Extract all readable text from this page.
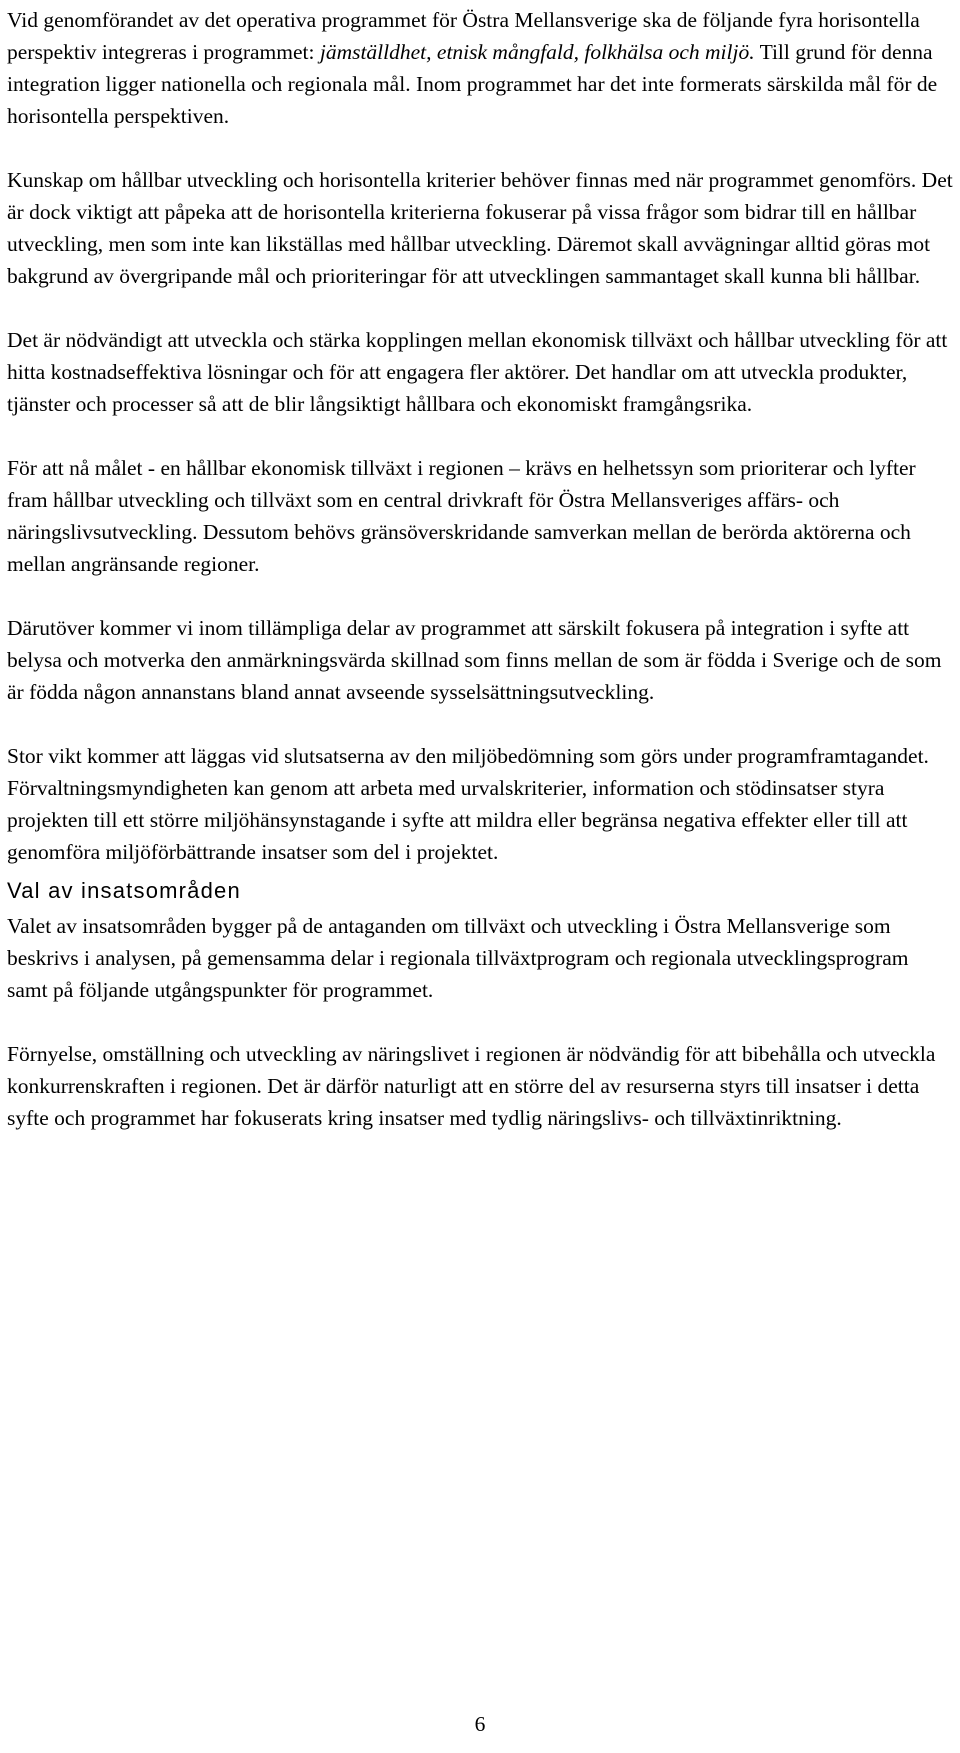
Vid genomförandet av det operativa programmet för Östra Mellansverige ska de följande fyra horisontella perspektiv integreras i programmet: jämställdhet, etnisk mångfald, folkhälsa och miljö. Till grund för denna integration ligger nationella och regionala mål. Inom programmet har det inte formerats särskilda mål för de horisontella perspektiven.

Kunskap om hållbar utveckling och horisontella kriterier behöver finnas med när programmet genomförs. Det är dock viktigt att påpeka att de horisontella kriterierna fokuserar på vissa frågor som bidrar till en hållbar utveckling, men som inte kan likställas med hållbar utveckling. Däremot skall avvägningar alltid göras mot bakgrund av övergripande mål och prioriteringar för att utvecklingen sammantaget skall kunna bli hållbar.

Det är nödvändigt att utveckla och stärka kopplingen mellan ekonomisk tillväxt och hållbar utveckling för att hitta kostnadseffektiva lösningar och för att engagera fler aktörer. Det handlar om att utveckla produkter, tjänster och processer så att de blir långsiktigt hållbara och ekonomiskt framgångsrika.

För att nå målet - en hållbar ekonomisk tillväxt i regionen – krävs en helhetssyn som prioriterar och lyfter fram hållbar utveckling och tillväxt som en central drivkraft för Östra Mellansveriges affärs- och näringslivsutveckling. Dessutom behövs gränsöverskridande samverkan mellan de berörda aktörerna och mellan angränsande regioner.

Därutöver kommer vi inom tillämpliga delar av programmet att särskilt fokusera på integration i syfte att belysa och motverka den anmärkningsvärda skillnad som finns mellan de som är födda i Sverige och de som är födda någon annanstans bland annat avseende sysselsättningsutveckling.

Stor vikt kommer att läggas vid slutsatserna av den miljöbedömning som görs under programframtagandet. Förvaltningsmyndigheten kan genom att arbeta med urvalskriterier, information och stödinsatser styra projekten till ett större miljöhänsynstagande i syfte att mildra eller begränsa negativa effekter eller till att genomföra miljöförbättrande insatser som del i projektet.

Val av insatsområden

Valet av insatsområden bygger på de antaganden om tillväxt och utveckling i Östra Mellansverige som beskrivs i analysen, på gemensamma delar i regionala tillväxtprogram och regionala utvecklingsprogram samt på följande utgångspunkter för programmet.

Förnyelse, omställning och utveckling av näringslivet i regionen är nödvändig för att bibehålla och utveckla konkurrenskraften i regionen. Det är därför naturligt att en större del av resurserna styrs till insatser i detta syfte och programmet har fokuserats kring insatser med tydlig näringslivs- och tillväxtinriktning.

6
